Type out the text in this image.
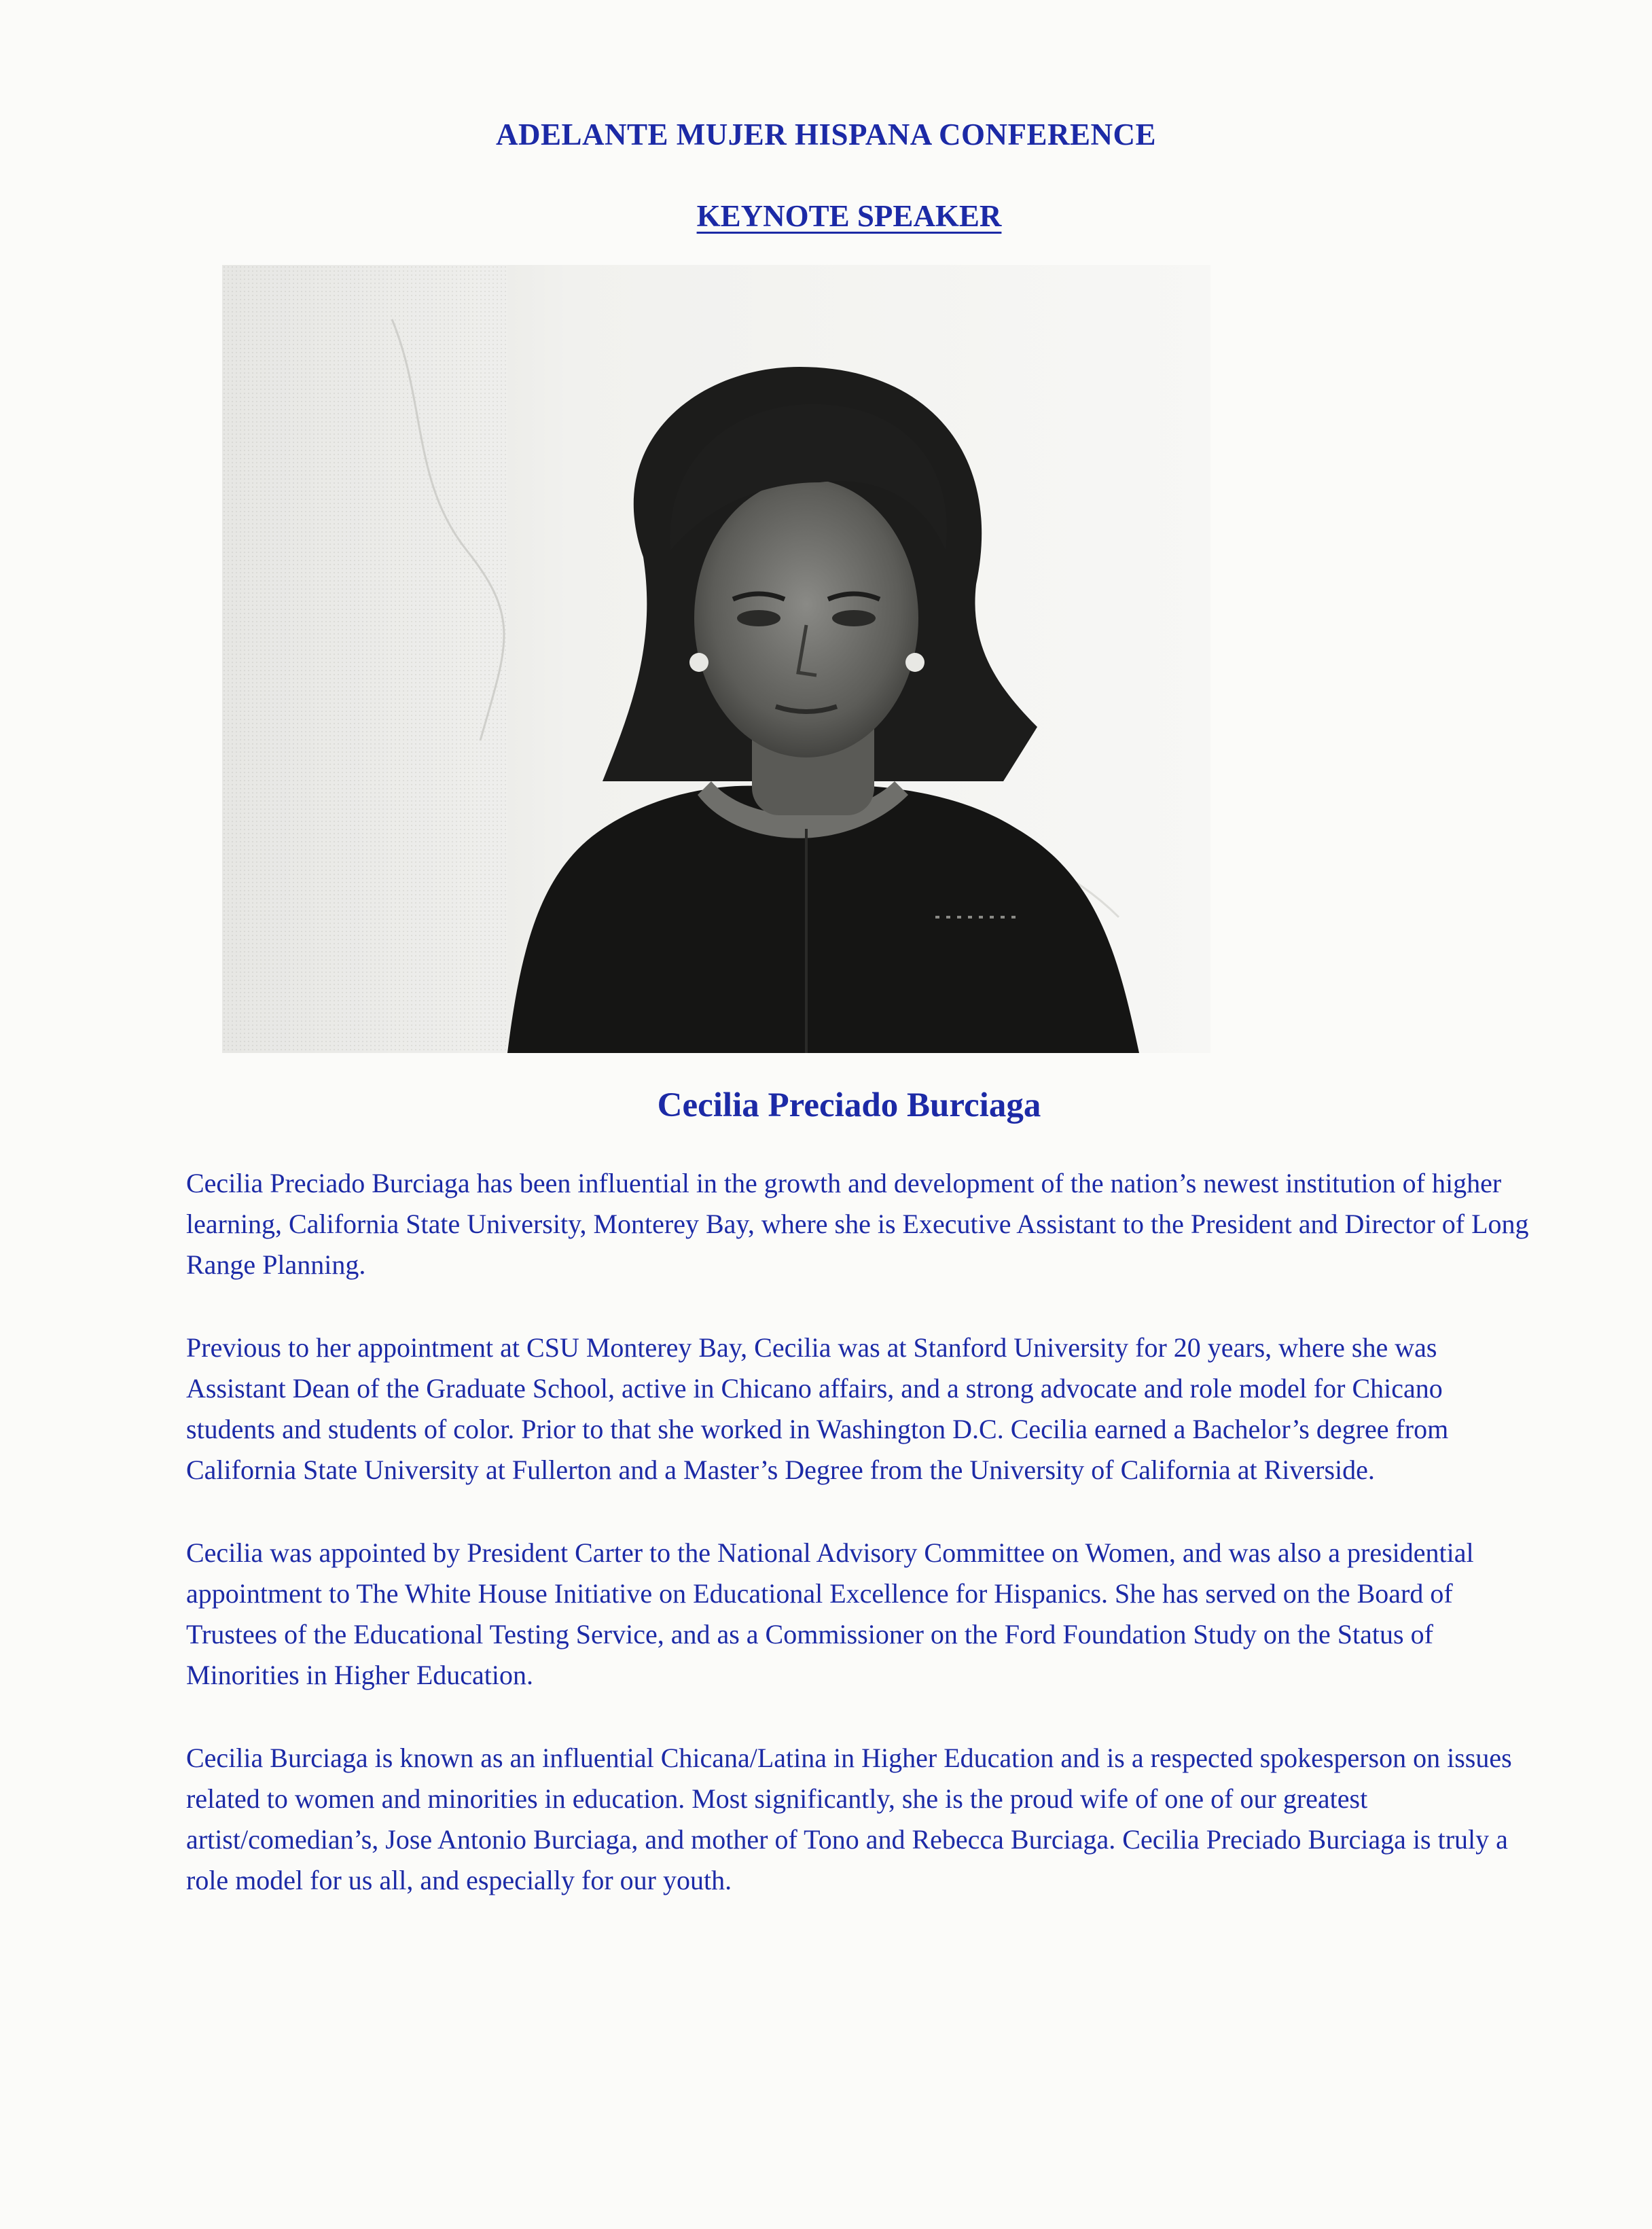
ADELANTE MUJER HISPANA CONFERENCE
KEYNOTE SPEAKER
Cecilia Preciado Burciaga

Cecilia Preciado Burciaga has been influential in the growth and development of the nation’s newest institution of higher learning, California State University, Monterey Bay, where she is Executive Assistant to the President and Director of Long Range Planning.

Previous to her appointment at CSU Monterey Bay, Cecilia was at Stanford University for 20 years, where she was Assistant Dean of the Graduate School, active in Chicano affairs, and a strong advocate and role model for Chicano students and students of color. Prior to that she worked in Washington D.C. Cecilia earned a Bachelor’s degree from California State University at Fullerton and a Master’s Degree from the University of California at Riverside.

Cecilia was appointed by President Carter to the National Advisory Committee on Women, and was also a presidential appointment to The White House Initiative on Educational Excellence for Hispanics. She has served on the Board of Trustees of the Educational Testing Service, and as a Commissioner on the Ford Foundation Study on the Status of Minorities in Higher Education.

Cecilia Burciaga is known as an influential Chicana/Latina in Higher Education and is a respected spokesperson on issues related to women and minorities in education. Most significantly, she is the proud wife of one of our greatest artist/comedian’s, Jose Antonio Burciaga, and mother of Tono and Rebecca Burciaga. Cecilia Preciado Burciaga is truly a role model for us all, and especially for our youth.
